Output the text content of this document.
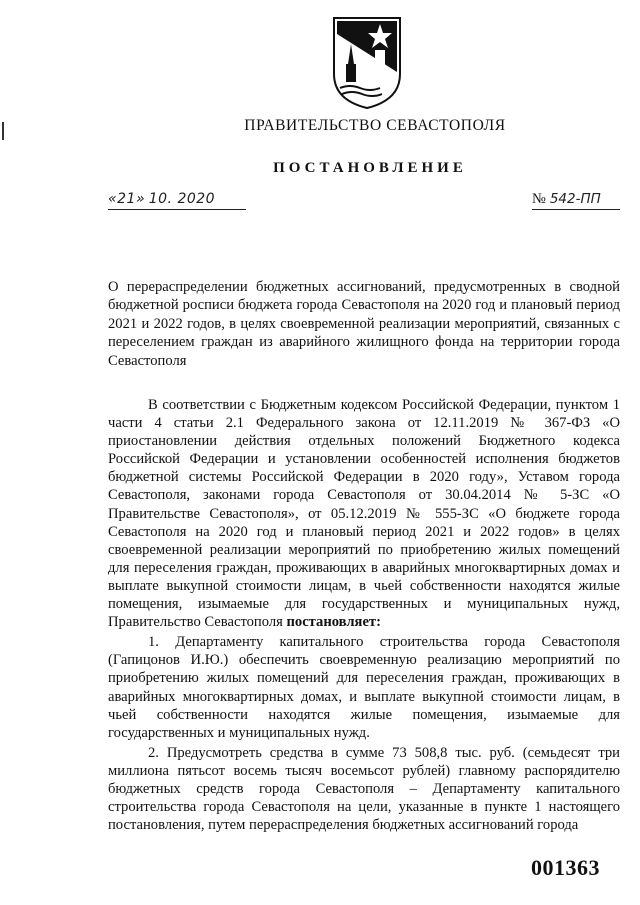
ПРАВИТЕЛЬСТВО СЕВАСТОПОЛЯ
ПОСТАНОВЛЕНИЕ
«21» 10. 2020	№ 542-ПП
О перераспределении бюджетных ассигнований, предусмотренных в сводной бюджетной росписи бюджета города Севастополя на 2020 год и плановый период 2021 и 2022 годов, в целях своевременной реализации мероприятий, связанных с переселением граждан из аварийного жилищного фонда на территории города Севастополя

В соответствии с Бюджетным кодексом Российской Федерации, пунктом 1 части 4 статьи 2.1 Федерального закона от 12.11.2019 № 367-ФЗ «О приостановлении действия отдельных положений Бюджетного кодекса Российской Федерации и установлении особенностей исполнения бюджетов бюджетной системы Российской Федерации в 2020 году», Уставом города Севастополя, законами города Севастополя от 30.04.2014 № 5-ЗС «О Правительстве Севастополя», от 05.12.2019 № 555-ЗС «О бюджете города Севастополя на 2020 год и плановый период 2021 и 2022 годов» в целях своевременной реализации мероприятий по приобретению жилых помещений для переселения граждан, проживающих в аварийных многоквартирных домах и выплате выкупной стоимости лицам, в чьей собственности находятся жилые помещения, изымаемые для государственных и муниципальных нужд, Правительство Севастополя постановляет:

1. Департаменту капитального строительства города Севастополя (Гапицонов И.Ю.) обеспечить своевременную реализацию мероприятий по приобретению жилых помещений для переселения граждан, проживающих в аварийных многоквартирных домах, и выплате выкупной стоимости лицам, в чьей собственности находятся жилые помещения, изымаемые для государственных и муниципальных нужд.

2. Предусмотреть средства в сумме 73 508,8 тыс. руб. (семьдесят три миллиона пятьсот восемь тысяч восемьсот рублей) главному распорядителю бюджетных средств города Севастополя – Департаменту капитального строительства города Севастополя на цели, указанные в пункте 1 настоящего постановления, путем перераспределения бюджетных ассигнований города

001363
